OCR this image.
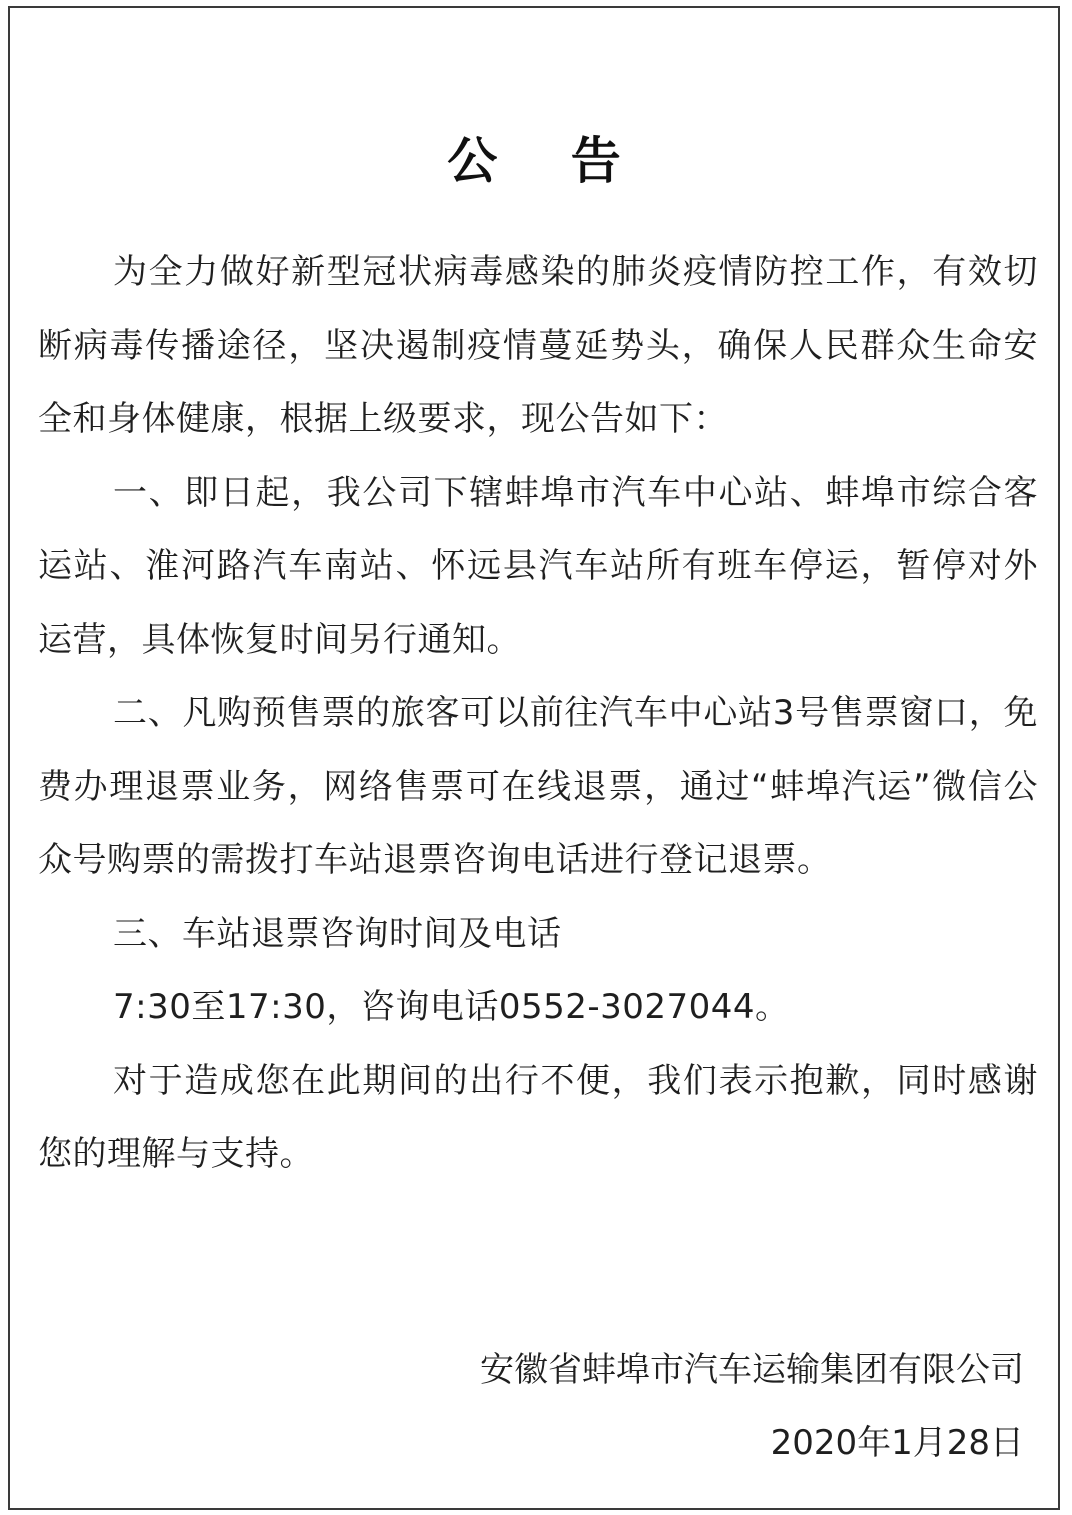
公 告

为全力做好新型冠状病毒感染的肺炎疫情防控工作，有效切断病毒传播途径，坚决遏制疫情蔓延势头，确保人民群众生命安全和身体健康，根据上级要求，现公告如下：

一、即日起，我公司下辖蚌埠市汽车中心站、蚌埠市综合客运站、淮河路汽车南站、怀远县汽车站所有班车停运，暂停对外运营，具体恢复时间另行通知。

二、凡购预售票的旅客可以前往汽车中心站3号售票窗口，免费办理退票业务，网络售票可在线退票，通过“蚌埠汽运”微信公众号购票的需拨打车站退票咨询电话进行登记退票。

三、车站退票咨询时间及电话

7:30至17:30，咨询电话0552-3027044。

对于造成您在此期间的出行不便，我们表示抱歉，同时感谢您的理解与支持。

安徽省蚌埠市汽车运输集团有限公司
2020年1月28日
